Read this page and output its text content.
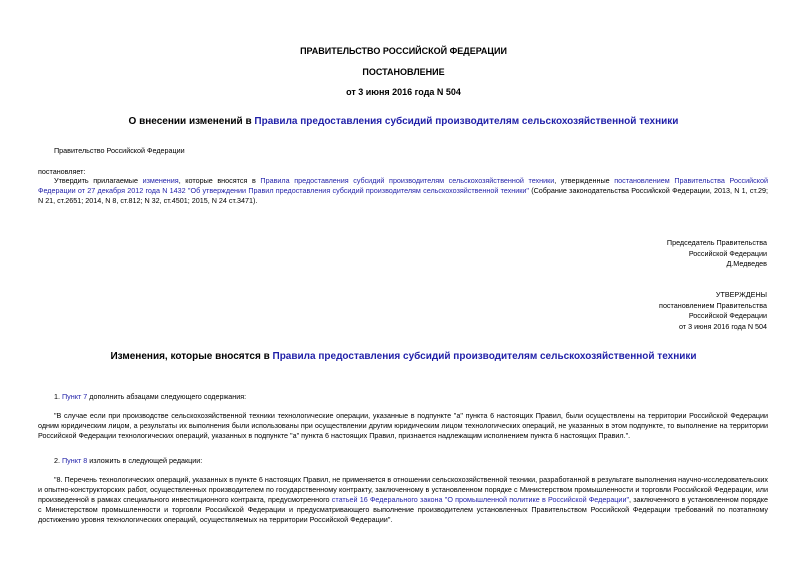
ПРАВИТЕЛЬСТВО РОССИЙСКОЙ ФЕДЕРАЦИИ
ПОСТАНОВЛЕНИЕ
от 3 июня 2016 года N 504
О внесении изменений в Правила предоставления субсидий производителям сельскохозяйственной техники
Правительство Российской Федерации
постановляет:
Утвердить прилагаемые изменения, которые вносятся в Правила предоставления субсидий производителям сельскохозяйственной техники, утвержденные постановлением Правительства Российской Федерации от 27 декабря 2012 года N 1432 "Об утверждении Правил предоставления субсидий производителям сельскохозяйственной техники" (Собрание законодательства Российской Федерации, 2013, N 1, ст.29; N 21, ст.2651; 2014, N 8, ст.812; N 32, ст.4501; 2015, N 24 ст.3471).
Председатель Правительства
Российской Федерации
Д.Медведев
УТВЕРЖДЕНЫ
постановлением Правительства
Российской Федерации
от 3 июня 2016 года N 504
Изменения, которые вносятся в Правила предоставления субсидий производителям сельскохозяйственной техники
1. Пункт 7 дополнить абзацами следующего содержания:
"В случае если при производстве сельскохозяйственной техники технологические операции, указанные в подпункте "а" пункта 6 настоящих Правил, были осуществлены на территории Российской Федерации одним юридическим лицом, а результаты их выполнения были использованы при осуществлении другим юридическим лицом технологических операций, не указанных в этом подпункте, то выполнение на территории Российской Федерации технологических операций, указанных в подпункте "а" пункта 6 настоящих Правил, признается надлежащим исполнением пункта 6 настоящих Правил.".
2. Пункт 8 изложить в следующей редакции:
"8. Перечень технологических операций, указанных в пункте 6 настоящих Правил, не применяется в отношении сельскохозяйственной техники, разработанной в результате выполнения научно-исследовательских и опытно-конструкторских работ, осуществленных производителем по государственному контракту, заключенному в установленном порядке с Министерством промышленности и торговли Российской Федерации, или произведенной в рамках специального инвестиционного контракта, предусмотренного статьей 16 Федерального закона "О промышленной политике в Российской Федерации", заключенного в установленном порядке с Министерством промышленности и торговли Российской Федерации и предусматривающего выполнение производителем установленных Правительством Российской Федерации требований по поэтапному достижению уровня технологических операций, осуществляемых на территории Российской Федерации".
